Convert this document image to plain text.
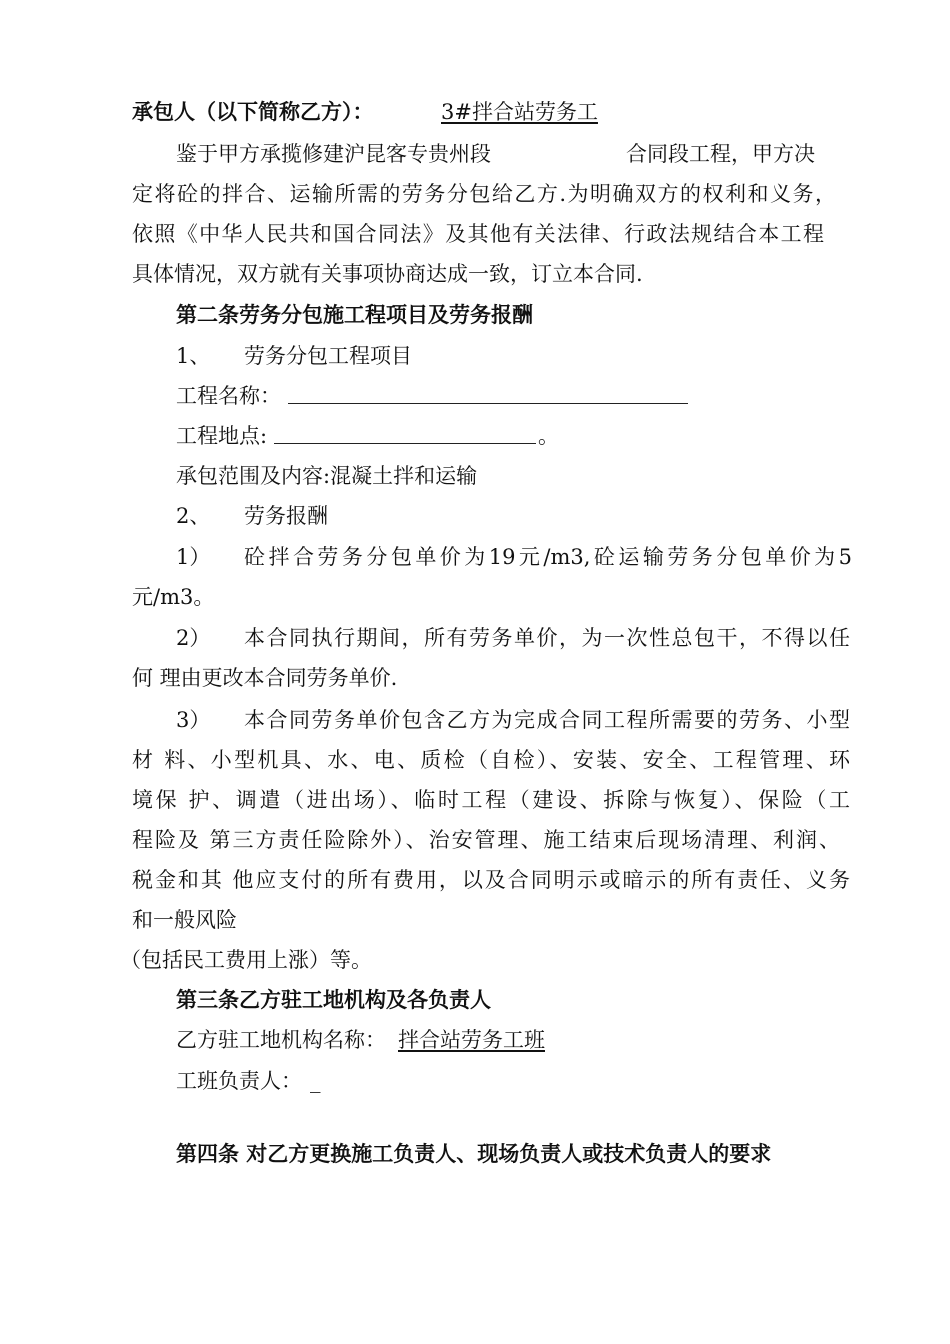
承包人（以下简称乙方）：	3#拌合站劳务工
鉴于甲方承揽修建沪昆客专贵州段	合同段工程，甲方决
定将砼的拌合、运输所需的劳务分包给乙方.为明确双方的权利和义务，
依照《中华人民共和国合同法》及其他有关法律、行政法规结合本工程
具体情况，双方就有关事项协商达成一致，订立本合同.
第二条劳务分包施工程项目及劳务报酬
1、 劳务分包工程项目
工程名称：
工程地点:	。
承包范围及内容:混凝土拌和运输
2、 劳务报酬
1） 砼拌合劳务分包单价为19元/m3,砼运输劳务分包单价为5
元/m3。
2） 本合同执行期间，所有劳务单价，为一次性总包干，不得以任
何 理由更改本合同劳务单价.
3） 本合同劳务单价包含乙方为完成合同工程所需要的劳务、小型
材 料、小型机具、水、电、质检（自检）、安装、安全、工程管理、环
境保 护、调遣（进出场）、临时工程（建设、拆除与恢复）、保险（工
程险及 第三方责任险除外）、治安管理、施工结束后现场清理、利润、
税金和其 他应支付的所有费用，以及合同明示或暗示的所有责任、义务
和一般风险
（包括民工费用上涨）等。
第三条乙方驻工地机构及各负责人
乙方驻工地机构名称： 拌合站劳务工班
工班负责人： _
第四条 对乙方更换施工负责人、现场负责人或技术负责人的要求
